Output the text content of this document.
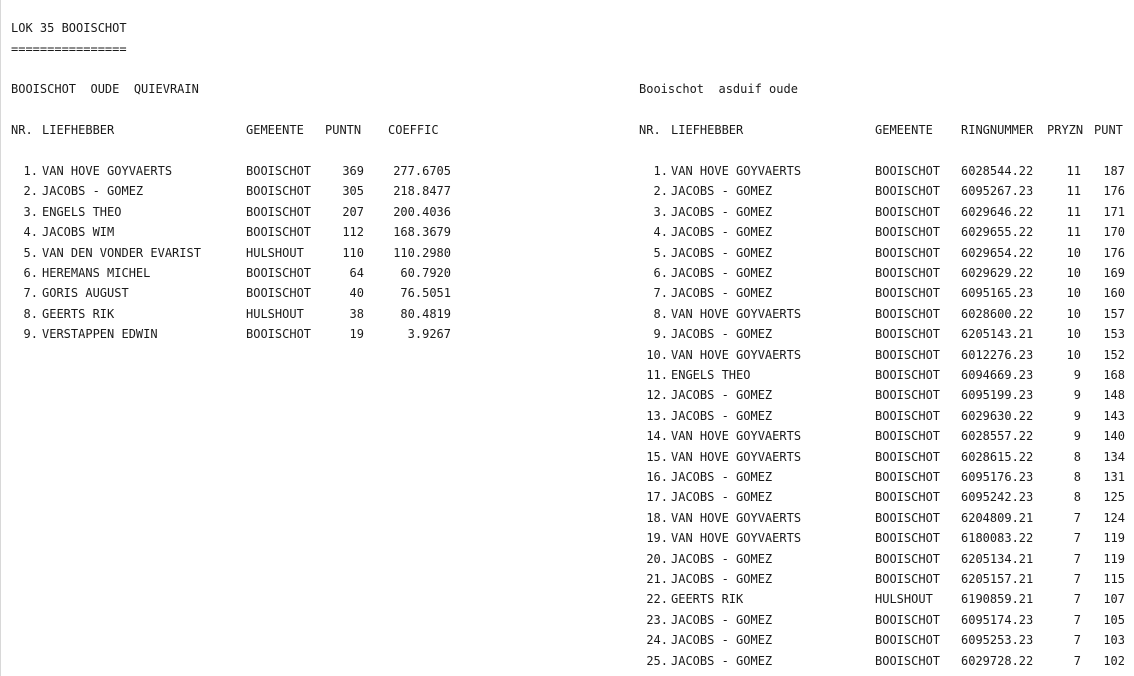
LOK 35 BOOISCHOT
================
BOOISCHOT  OUDE  QUIEVRAIN
NR. LIEFHEBBER	GEMEENTE PUNTN COEFFIC
1. VAN HOVE GOYVAERTS	BOOISCHOT	369	277.6705
2. JACOBS - GOMEZ	BOOISCHOT	305	218.8477
3. ENGELS THEO	BOOISCHOT	207	200.4036
4. JACOBS WIM	BOOISCHOT	112	168.3679
5. VAN DEN VONDER EVARIST	HULSHOUT	110	110.2980
6. HEREMANS MICHEL	BOOISCHOT	64	60.7920
7. GORIS AUGUST	BOOISCHOT	40	76.5051
8. GEERTS RIK	HULSHOUT	38	80.4819
9. VERSTAPPEN EDWIN	BOOISCHOT	19	3.9267
Booischot  asduif oude
NR. LIEFHEBBER	GEMEENTE RINGNUMMER PRYZN PUNT
1. VAN HOVE GOYVAERTS	BOOISCHOT 6028544.22	11	187
2. JACOBS - GOMEZ	BOOISCHOT 6095267.23	11	176
3. JACOBS - GOMEZ	BOOISCHOT 6029646.22	11	171
4. JACOBS - GOMEZ	BOOISCHOT 6029655.22	11	170
5. JACOBS - GOMEZ	BOOISCHOT 6029654.22	10	176
6. JACOBS - GOMEZ	BOOISCHOT 6029629.22	10	169
7. JACOBS - GOMEZ	BOOISCHOT 6095165.23	10	160
8. VAN HOVE GOYVAERTS	BOOISCHOT 6028600.22	10	157
9. JACOBS - GOMEZ	BOOISCHOT 6205143.21	10	153
10. VAN HOVE GOYVAERTS	BOOISCHOT 6012276.23	10	152
11. ENGELS THEO	BOOISCHOT 6094669.23	9	168
12. JACOBS - GOMEZ	BOOISCHOT 6095199.23	9	148
13. JACOBS - GOMEZ	BOOISCHOT 6029630.22	9	143
14. VAN HOVE GOYVAERTS	BOOISCHOT 6028557.22	9	140
15. VAN HOVE GOYVAERTS	BOOISCHOT 6028615.22	8	134
16. JACOBS - GOMEZ	BOOISCHOT 6095176.23	8	131
17. JACOBS - GOMEZ	BOOISCHOT 6095242.23	8	125
18. VAN HOVE GOYVAERTS	BOOISCHOT 6204809.21	7	124
19. VAN HOVE GOYVAERTS	BOOISCHOT 6180083.22	7	119
20. JACOBS - GOMEZ	BOOISCHOT 6205134.21	7	119
21. JACOBS - GOMEZ	BOOISCHOT 6205157.21	7	115
22. GEERTS RIK	HULSHOUT 6190859.21	7	107
23. JACOBS - GOMEZ	BOOISCHOT 6095174.23	7	105
24. JACOBS - GOMEZ	BOOISCHOT 6095253.23	7	103
25. JACOBS - GOMEZ	BOOISCHOT 6029728.22	7	102
